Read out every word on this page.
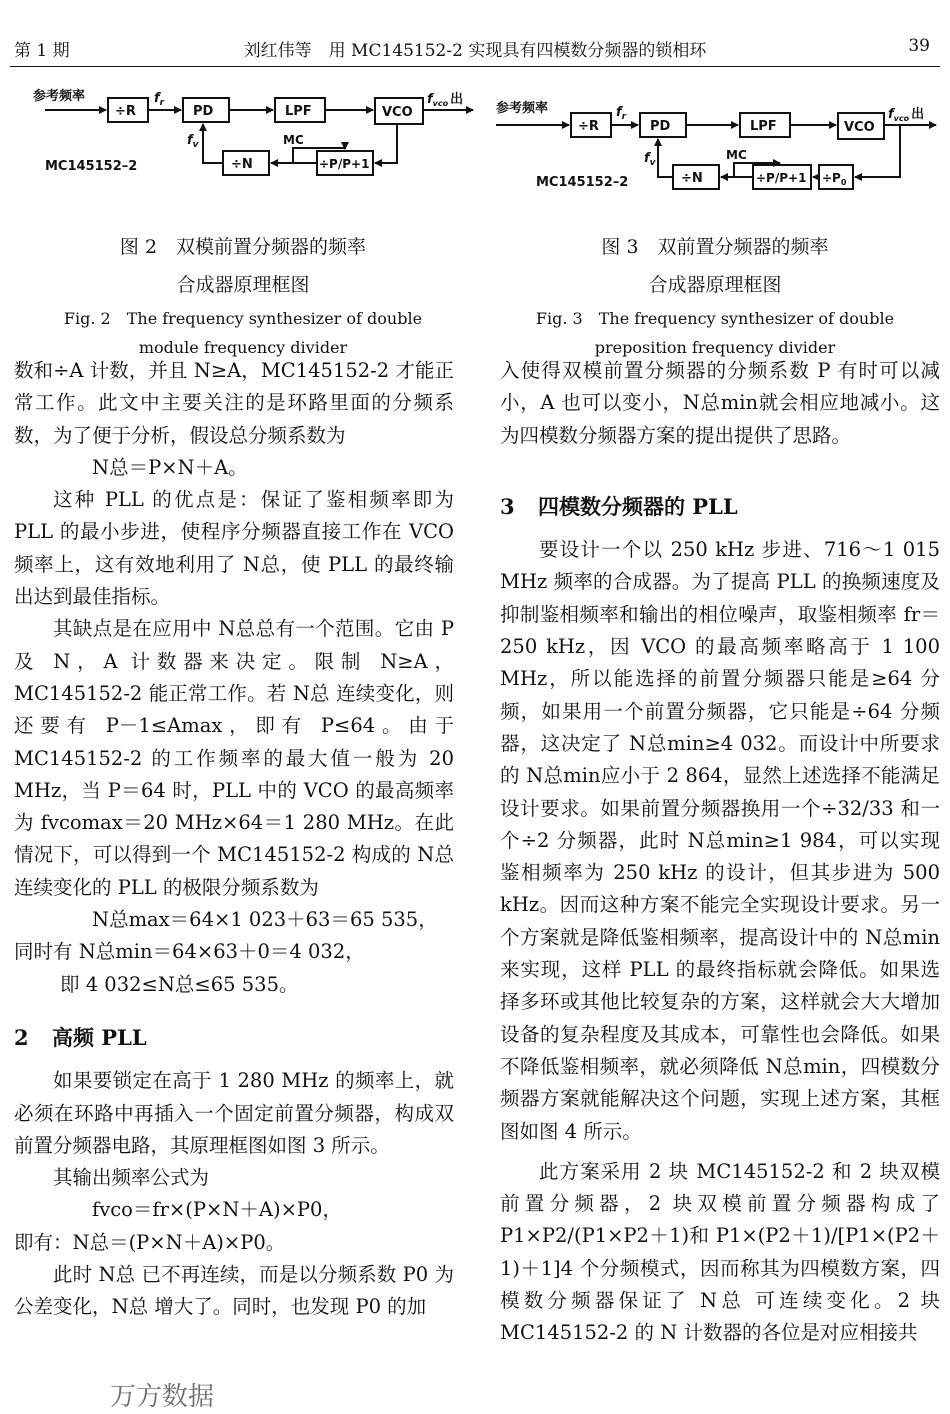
第 1 期	刘红伟等　用 MC145152-2 实现具有四模数分频器的锁相环	39
参考频率
÷R	PD	LPF	VCO
÷N	÷P/P+1
MC
MC145152–2
$f_r$
$f_v$
$f_{vco}$ 出
图 2　双模前置分频器的频率
合成器原理框图
Fig. 2　The frequency synthesizer of double
module frequency divider
参考频率
÷R	PD	LPF	VCO
÷N	$\div P/P+1 \div P_0$
MC
MC145152–2
$f_r$
$f_v$
$f_{vco}$ 出
图 3　双前置分频器的频率
合成器原理框图
Fig. 3　The frequency synthesizer of double
preposition frequency divider

数和÷A 计数，并且 N≥A，MC145152-2 才能正常工作。此文中主要关注的是环路里面的分频系数，为了便于分析，假设总分频系数为

N总＝P×N＋A。

这种 PLL 的优点是：保证了鉴相频率即为 PLL 的最小步进，使程序分频器直接工作在 VCO 频率上，这有效地利用了 N总，使 PLL 的最终输出达到最佳指标。

其缺点是在应用中 N总总有一个范围。它由 P 及 N，A 计数器来决定。限制 N≥A，MC145152-2 能正常工作。若 N总 连续变化，则还要有 P－1≤Amax，即有 P≤64。由于 MC145152-2 的工作频率的最大值一般为 20 MHz，当 P＝64 时，PLL 中的 VCO 的最高频率为 fvcomax＝20 MHz×64＝1 280 MHz。在此情况下，可以得到一个 MC145152-2 构成的 N总连续变化的 PLL 的极限分频系数为

N总max＝64×1 023＋63＝65 535，

同时有 N总min＝64×63＋0＝4 032，

即 4 032≤N总≤65 535。

2 高频 PLL

如果要锁定在高于 1 280 MHz 的频率上，就必须在环路中再插入一个固定前置分频器，构成双前置分频器电路，其原理框图如图 3 所示。

其输出频率公式为

fvco＝fr×(P×N＋A)×P0，

即有：N总＝(P×N＋A)×P0。

此时 N总 已不再连续，而是以分频系数 P0 为公差变化，N总 增大了。同时，也发现 P0 的加

入使得双模前置分频器的分频系数 P 有时可以减小，A 也可以变小，N总min就会相应地减小。这为四模数分频器方案的提出提供了思路。

3 四模数分频器的 PLL

要设计一个以 250 kHz 步进、716～1 015 MHz 频率的合成器。为了提高 PLL 的换频速度及抑制鉴相频率和输出的相位噪声，取鉴相频率 fr＝250 kHz，因 VCO 的最高频率略高于 1 100 MHz，所以能选择的前置分频器只能是≥64 分频，如果用一个前置分频器，它只能是÷64 分频器，这决定了 N总min≥4 032。而设计中所要求的 N总min应小于 2 864，显然上述选择不能满足设计要求。如果前置分频器换用一个÷32/33 和一个÷2 分频器，此时 N总min≥1 984，可以实现鉴相频率为 250 kHz 的设计，但其步进为 500 kHz。因而这种方案不能完全实现设计要求。另一个方案就是降低鉴相频率，提高设计中的 N总min来实现，这样 PLL 的最终指标就会降低。如果选择多环或其他比较复杂的方案，这样就会大大增加设备的复杂程度及其成本，可靠性也会降低。如果不降低鉴相频率，就必须降低 N总min，四模数分频器方案就能解决这个问题，实现上述方案，其框图如图 4 所示。

此方案采用 2 块 MC145152-2 和 2 块双模前置分频器，2 块双模前置分频器构成了 P1×P2/(P1×P2＋1)和 P1×(P2＋1)/[P1×(P2＋1)＋1]4 个分频模式，因而称其为四模数方案，四模数分频器保证了 N总 可连续变化。2 块 MC145152-2 的 N 计数器的各位是对应相接共

万方数据
